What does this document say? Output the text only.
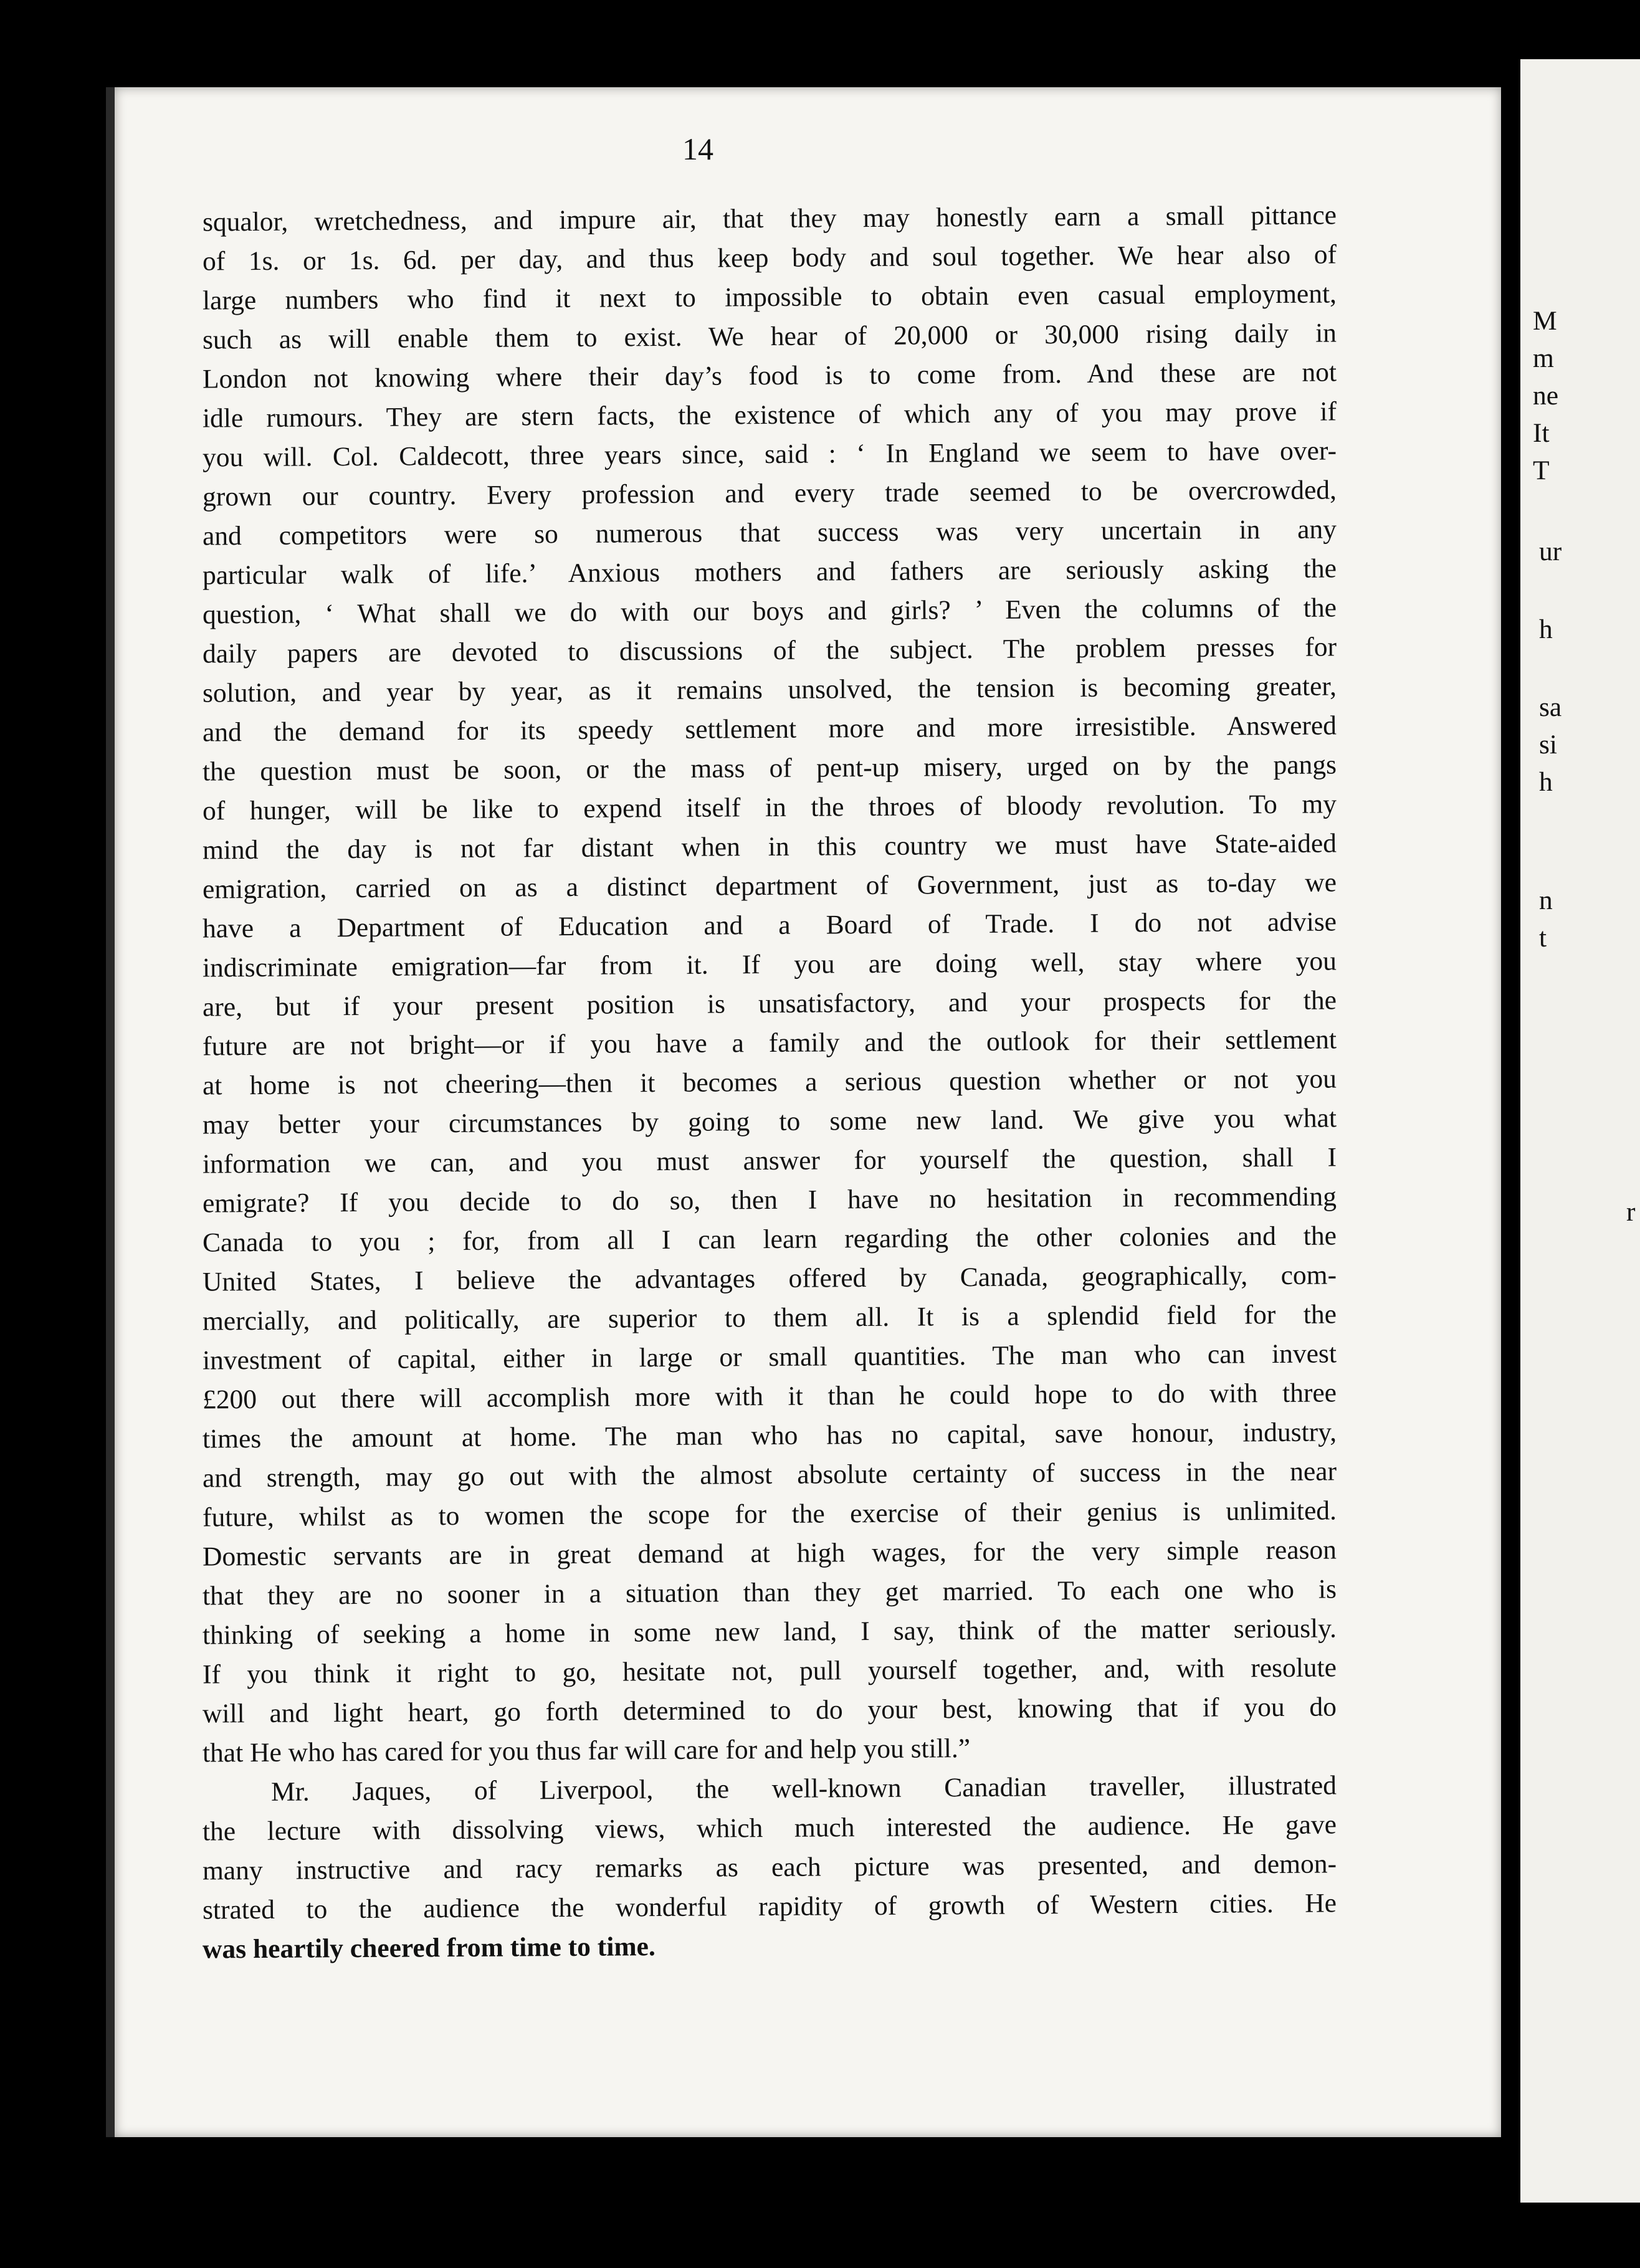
14
squalor, wretchedness, and impure air, that they may honestly earn a small pittance
of 1s. or 1s. 6d. per day, and thus keep body and soul together. We hear also of
large numbers who find it next to impossible to obtain even casual employment,
such as will enable them to exist. We hear of 20,000 or 30,000 rising daily in
London not knowing where their day’s food is to come from. And these are not
idle rumours. They are stern facts, the existence of which any of you may prove if
you will. Col. Caldecott, three years since, said : ‘ In England we seem to have over-
grown our country. Every profession and every trade seemed to be overcrowded,
and competitors were so numerous that success was very uncertain in any
particular walk of life.’ Anxious mothers and fathers are seriously asking the
question, ‘ What shall we do with our boys and girls? ’ Even the columns of the
daily papers are devoted to discussions of the subject. The problem presses for
solution, and year by year, as it remains unsolved, the tension is becoming greater,
and the demand for its speedy settlement more and more irresistible. Answered
the question must be soon, or the mass of pent-up misery, urged on by the pangs
of hunger, will be like to expend itself in the throes of bloody revolution. To my
mind the day is not far distant when in this country we must have State-aided
emigration, carried on as a distinct department of Government, just as to-day we
have a Department of Education and a Board of Trade. I do not advise
indiscriminate emigration—far from it. If you are doing well, stay where you
are, but if your present position is unsatisfactory, and your prospects for the
future are not bright—or if you have a family and the outlook for their settlement
at home is not cheering—then it becomes a serious question whether or not you
may better your circumstances by going to some new land. We give you what
information we can, and you must answer for yourself the question, shall I
emigrate? If you decide to do so, then I have no hesitation in recommending
Canada to you ; for, from all I can learn regarding the other colonies and the
United States, I believe the advantages offered by Canada, geographically, com-
mercially, and politically, are superior to them all. It is a splendid field for the
investment of capital, either in large or small quantities. The man who can invest
£200 out there will accomplish more with it than he could hope to do with three
times the amount at home. The man who has no capital, save honour, industry,
and strength, may go out with the almost absolute certainty of success in the near
future, whilst as to women the scope for the exercise of their genius is unlimited.
Domestic servants are in great demand at high wages, for the very simple reason
that they are no sooner in a situation than they get married. To each one who is
thinking of seeking a home in some new land, I say, think of the matter seriously.
If you think it right to go, hesitate not, pull yourself together, and, with resolute
will and light heart, go forth determined to do your best, knowing that if you do
that He who has cared for you thus far will care for and help you still.”
Mr. Jaques, of Liverpool, the well-known Canadian traveller, illustrated
the lecture with dissolving views, which much interested the audience. He gave
many instructive and racy remarks as each picture was presented, and demon-
strated to the audience the wonderful rapidity of growth of Western cities. He
was heartily cheered from time to time.
M
m
ne
It
T
ur
h
sa
si
h
n
t
r
